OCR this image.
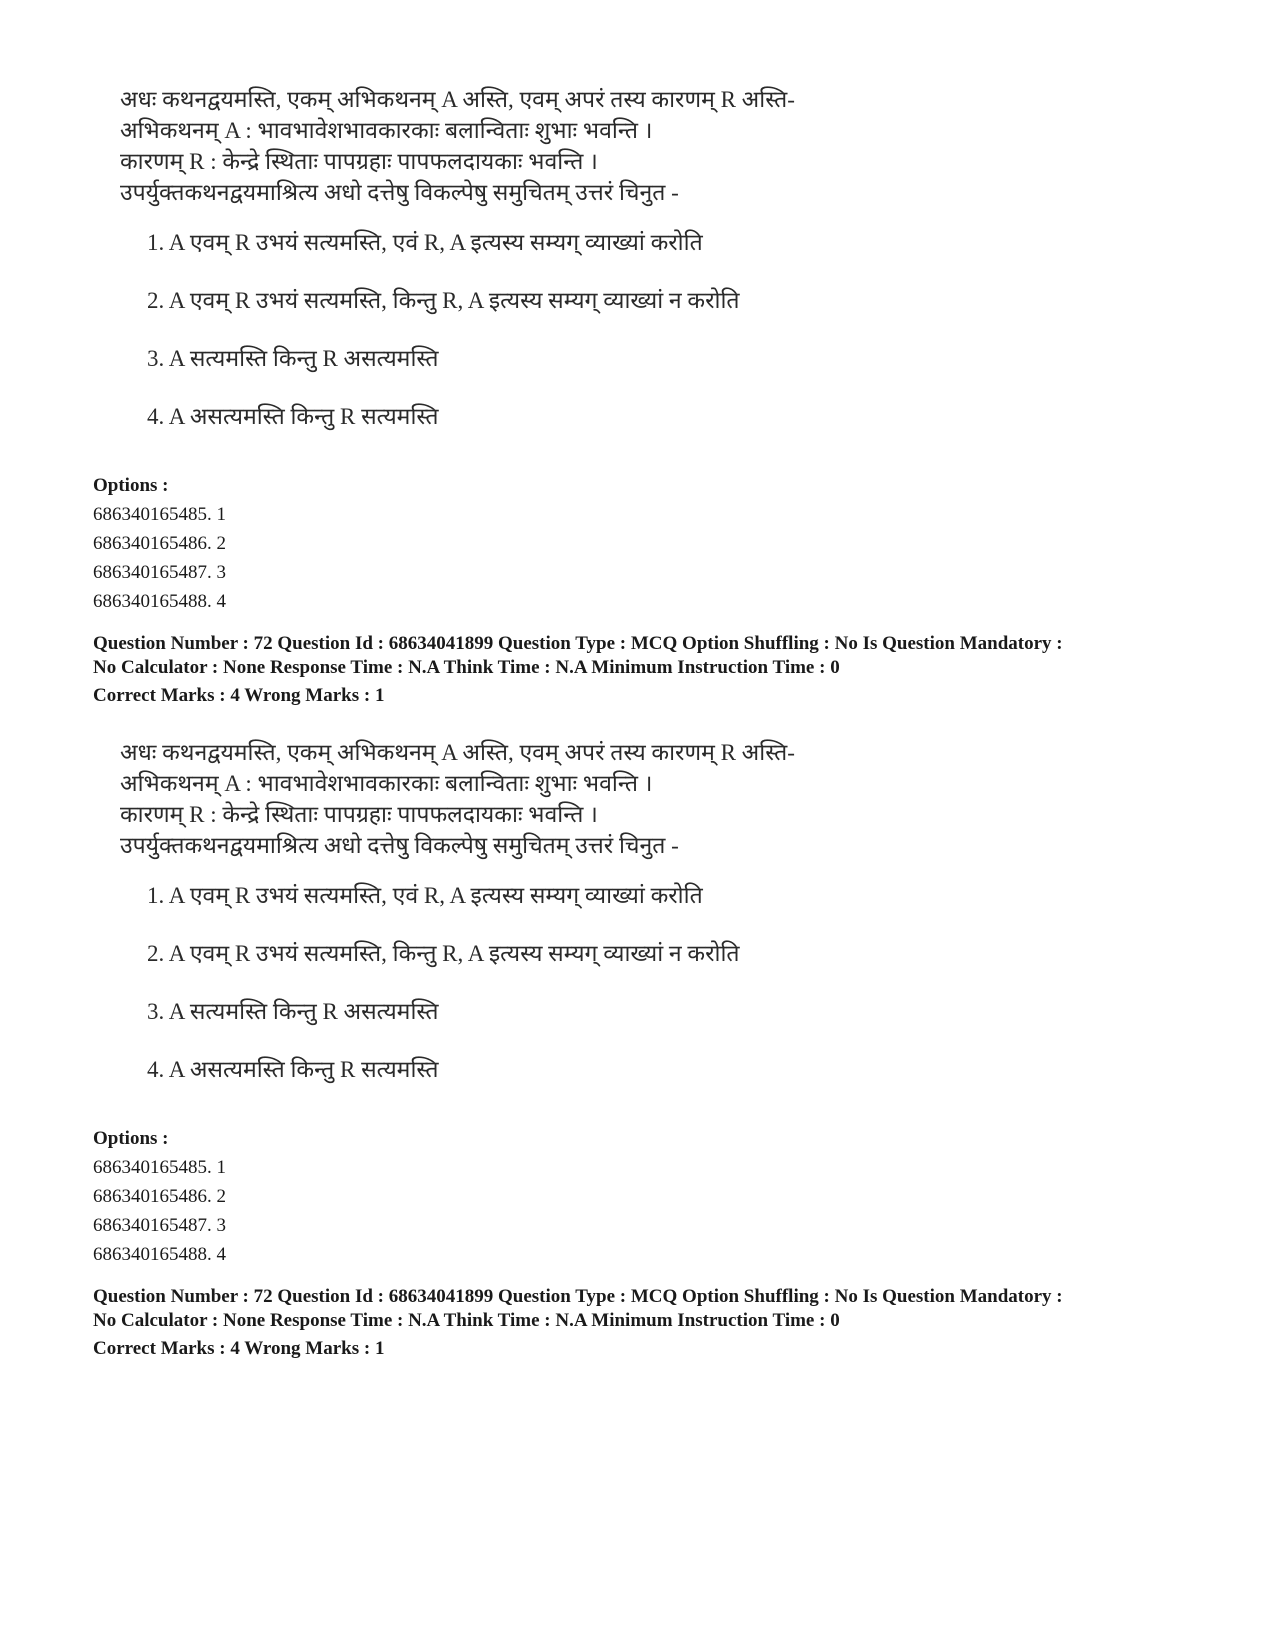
अधः कथनद्वयमस्ति, एकम् अभिकथनम् A अस्ति, एवम् अपरं तस्य कारणम् R अस्ति-

अभिकथनम् A : भावभावेशभावकारकाः बलान्विताः शुभाः भवन्ति ।

कारणम् R : केन्द्रे स्थिताः पापग्रहाः पापफलदायकाः भवन्ति ।

उपर्युक्तकथनद्वयमाश्रित्य अधो दत्तेषु विकल्पेषु समुचितम् उत्तरं चिनुत -

1. A एवम् R उभयं सत्यमस्ति, एवं R, A इत्यस्य सम्यग् व्याख्यां करोति
2. A एवम् R उभयं सत्यमस्ति, किन्तु R, A इत्यस्य सम्यग् व्याख्यां न करोति
3. A सत्यमस्ति किन्तु R असत्यमस्ति
4. A असत्यमस्ति किन्तु R सत्यमस्ति
Options :
686340165485. 1
686340165486. 2
686340165487. 3
686340165488. 4

Question Number : 72 Question Id : 68634041899 Question Type : MCQ Option Shuffling : No Is Question Mandatory :

No Calculator : None Response Time : N.A Think Time : N.A Minimum Instruction Time : 0

Correct Marks : 4 Wrong Marks : 1

अधः कथनद्वयमस्ति, एकम् अभिकथनम् A अस्ति, एवम् अपरं तस्य कारणम् R अस्ति-

अभिकथनम् A : भावभावेशभावकारकाः बलान्विताः शुभाः भवन्ति ।

कारणम् R : केन्द्रे स्थिताः पापग्रहाः पापफलदायकाः भवन्ति ।

उपर्युक्तकथनद्वयमाश्रित्य अधो दत्तेषु विकल्पेषु समुचितम् उत्तरं चिनुत -

1. A एवम् R उभयं सत्यमस्ति, एवं R, A इत्यस्य सम्यग् व्याख्यां करोति
2. A एवम् R उभयं सत्यमस्ति, किन्तु R, A इत्यस्य सम्यग् व्याख्यां न करोति
3. A सत्यमस्ति किन्तु R असत्यमस्ति
4. A असत्यमस्ति किन्तु R सत्यमस्ति
Options :
686340165485. 1
686340165486. 2
686340165487. 3
686340165488. 4

Question Number : 72 Question Id : 68634041899 Question Type : MCQ Option Shuffling : No Is Question Mandatory :

No Calculator : None Response Time : N.A Think Time : N.A Minimum Instruction Time : 0

Correct Marks : 4 Wrong Marks : 1
